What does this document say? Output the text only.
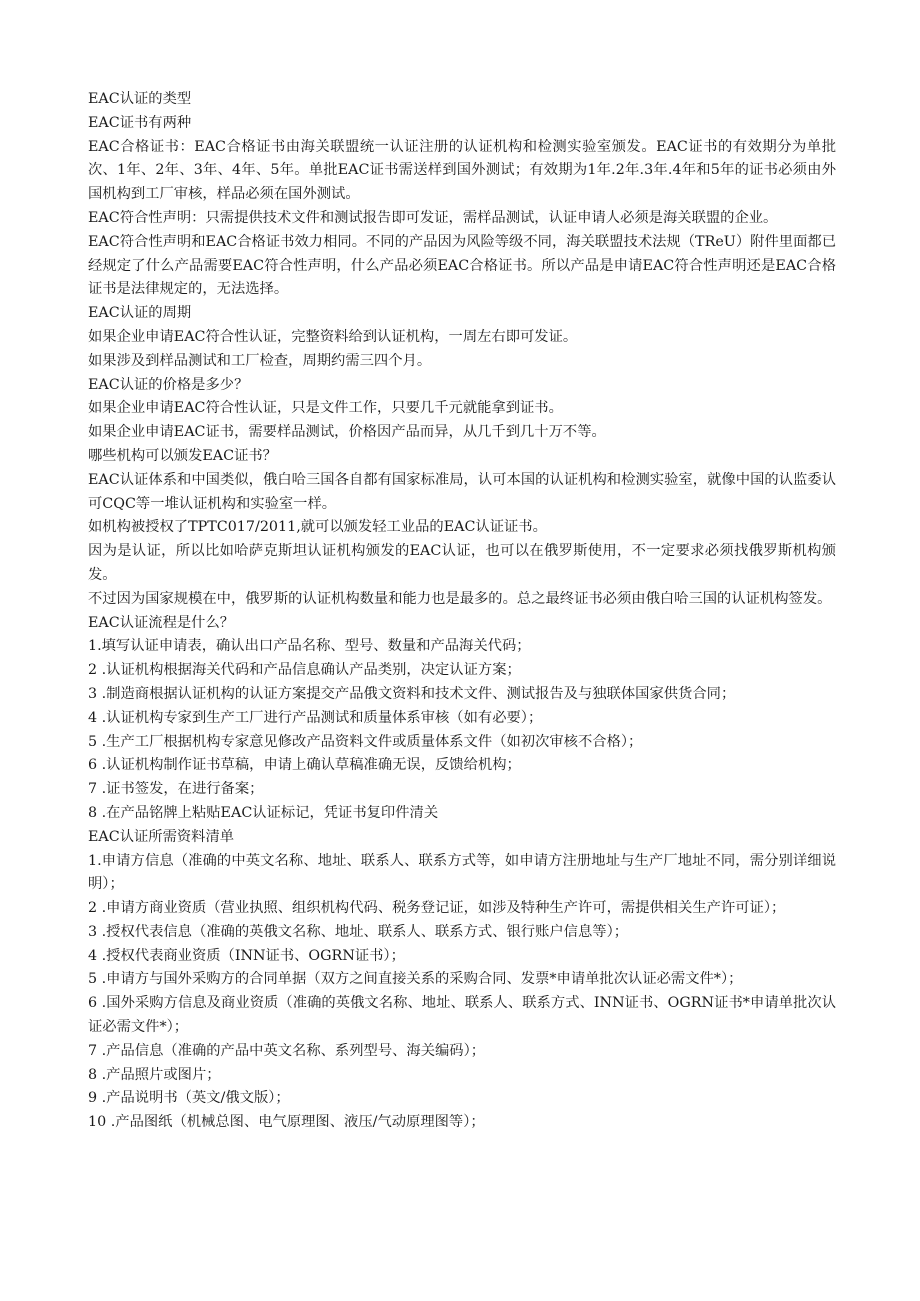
EAC认证的类型

EAC证书有两种

EAC合格证书：EAC合格证书由海关联盟统一认证注册的认证机构和检测实验室颁发。EAC证书的有效期分为单批次、1年、2年、3年、4年、5年。单批EAC证书需送样到国外测试；有效期为1年.2年.3年.4年和5年的证书必须由外国机构到工厂审核，样品必须在国外测试。

EAC符合性声明：只需提供技术文件和测试报告即可发证，需样品测试，认证申请人必须是海关联盟的企业。

EAC符合性声明和EAC合格证书效力相同。不同的产品因为风险等级不同，海关联盟技术法规（TReU）附件里面都已经规定了什么产品需要EAC符合性声明，什么产品必须EAC合格证书。所以产品是申请EAC符合性声明还是EAC合格证书是法律规定的，无法选择。

EAC认证的周期

如果企业申请EAC符合性认证，完整资料给到认证机构，一周左右即可发证。

如果涉及到样品测试和工厂检查，周期约需三四个月。

EAC认证的价格是多少？

如果企业申请EAC符合性认证，只是文件工作，只要几千元就能拿到证书。

如果企业申请EAC证书，需要样品测试，价格因产品而异，从几千到几十万不等。

哪些机构可以颁发EAC证书？

EAC认证体系和中国类似，俄白哈三国各自都有国家标准局，认可本国的认证机构和检测实验室，就像中国的认监委认可CQC等一堆认证机构和实验室一样。

如机构被授权了TPTC017/2011,就可以颁发轻工业品的EAC认证证书。

因为是认证，所以比如哈萨克斯坦认证机构颁发的EAC认证，也可以在俄罗斯使用，不一定要求必须找俄罗斯机构颁发。

不过因为国家规模在中，俄罗斯的认证机构数量和能力也是最多的。总之最终证书必须由俄白哈三国的认证机构签发。

EAC认证流程是什么？

1.填写认证申请表，确认出口产品名称、型号、数量和产品海关代码；

2 .认证机构根据海关代码和产品信息确认产品类别，决定认证方案；

3 .制造商根据认证机构的认证方案提交产品俄文资料和技术文件、测试报告及与独联体国家供货合同；

4 .认证机构专家到生产工厂进行产品测试和质量体系审核（如有必要）；

5 .生产工厂根据机构专家意见修改产品资料文件或质量体系文件（如初次审核不合格）；

6 .认证机构制作证书草稿，申请上确认草稿准确无误，反馈给机构；

7 .证书签发，在进行备案；

8 .在产品铭牌上粘贴EAC认证标记，凭证书复印件清关

EAC认证所需资料清单

1.申请方信息（准确的中英文名称、地址、联系人、联系方式等，如申请方注册地址与生产厂地址不同，需分别详细说明）；

2 .申请方商业资质（营业执照、组织机构代码、税务登记证，如涉及特种生产许可，需提供相关生产许可证）；

3 .授权代表信息（准确的英俄文名称、地址、联系人、联系方式、银行账户信息等）；

4 .授权代表商业资质（INN证书、OGRN证书）；

5 .申请方与国外采购方的合同单据（双方之间直接关系的采购合同、发票*申请单批次认证必需文件*）；

6 .国外采购方信息及商业资质（准确的英俄文名称、地址、联系人、联系方式、INN证书、OGRN证书*申请单批次认证必需文件*）；

7 .产品信息（准确的产品中英文名称、系列型号、海关编码）；

8 .产品照片或图片；

9 .产品说明书（英文/俄文版）；

10 .产品图纸（机械总图、电气原理图、液压/气动原理图等）；
